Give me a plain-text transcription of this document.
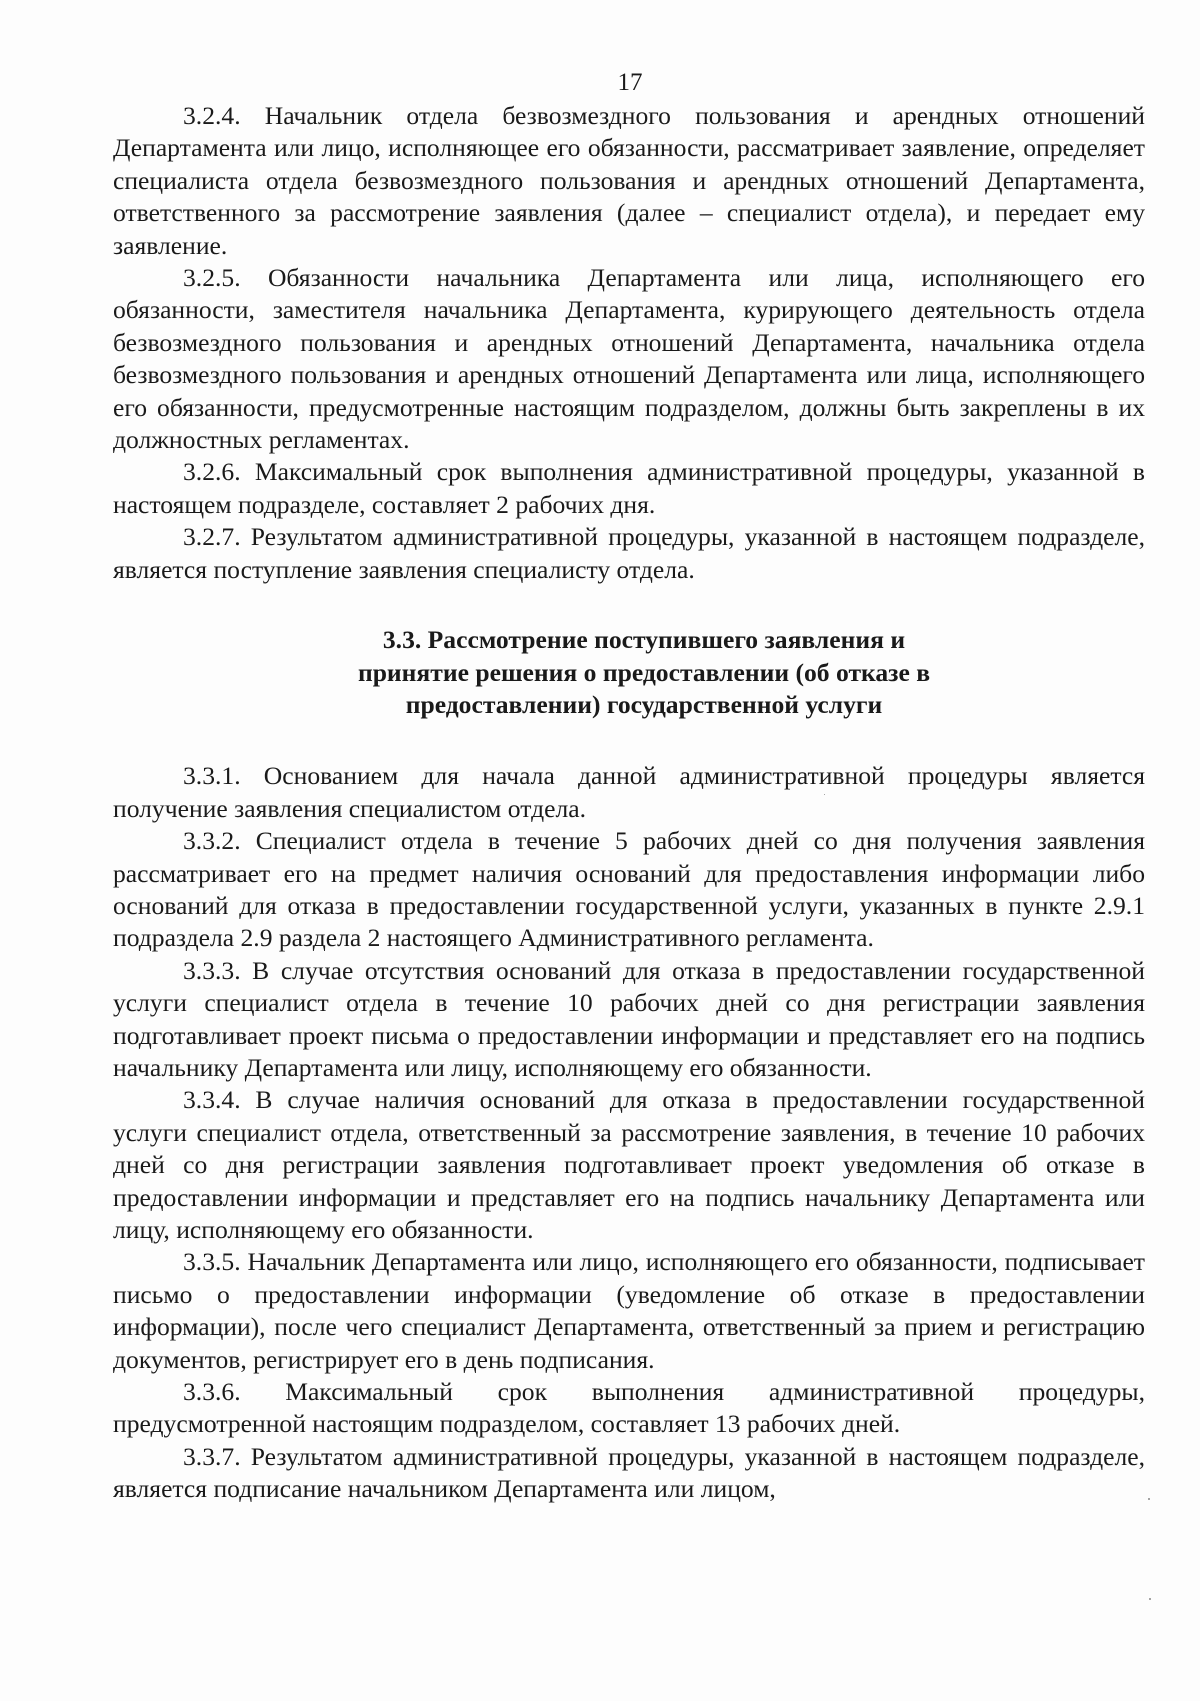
17

3.2.4. Начальник отдела безвозмездного пользования и арендных отношений Департамента или лицо, исполняющее его обязанности, рассматривает заявление, определяет специалиста отдела безвозмездного пользования и арендных отношений Департамента, ответственного за рассмотрение заявления (далее – специалист отдела), и передает ему заявление.

3.2.5. Обязанности начальника Департамента или лица, исполняющего его обязанности, заместителя начальника Департамента, курирующего деятельность отдела безвозмездного пользования и арендных отношений Департамента, начальника отдела безвозмездного пользования и арендных отношений Департамента или лица, исполняющего его обязанности, предусмотренные настоящим подразделом, должны быть закреплены в их должностных регламентах.

3.2.6. Максимальный срок выполнения административной процедуры, указанной в настоящем подразделе, составляет 2 рабочих дня.

3.2.7. Результатом административной процедуры, указанной в настоящем подразделе, является поступление заявления специалисту отдела.

3.3. Рассмотрение поступившего заявления и
принятие решения о предоставлении (об отказе в
предоставлении) государственной услуги

3.3.1. Основанием для начала данной административной процедуры является получение заявления специалистом отдела.

3.3.2. Специалист отдела в течение 5 рабочих дней со дня получения заявления рассматривает его на предмет наличия оснований для предоставления информации либо оснований для отказа в предоставлении государственной услуги, указанных в пункте 2.9.1 подраздела 2.9 раздела 2 настоящего Административного регламента.

3.3.3. В случае отсутствия оснований для отказа в предоставлении государственной услуги специалист отдела в течение 10 рабочих дней со дня регистрации заявления подготавливает проект письма о предоставлении информации и представляет его на подпись начальнику Департамента или лицу, исполняющему его обязанности.

3.3.4. В случае наличия оснований для отказа в предоставлении государственной услуги специалист отдела, ответственный за рассмотрение заявления, в течение 10 рабочих дней со дня регистрации заявления подготавливает проект уведомления об отказе в предоставлении информации и представляет его на подпись начальнику Департамента или лицу, исполняющему его обязанности.

3.3.5. Начальник Департамента или лицо, исполняющего его обязанности, подписывает письмо о предоставлении информации (уведомление об отказе в предоставлении информации), после чего специалист Департамента, ответственный за прием и регистрацию документов, регистрирует его в день подписания.

3.3.6. Максимальный срок выполнения административной процедуры, предусмотренной настоящим подразделом, составляет 13 рабочих дней.

3.3.7. Результатом административной процедуры, указанной в настоящем подразделе, является подписание начальником Департамента или лицом,
